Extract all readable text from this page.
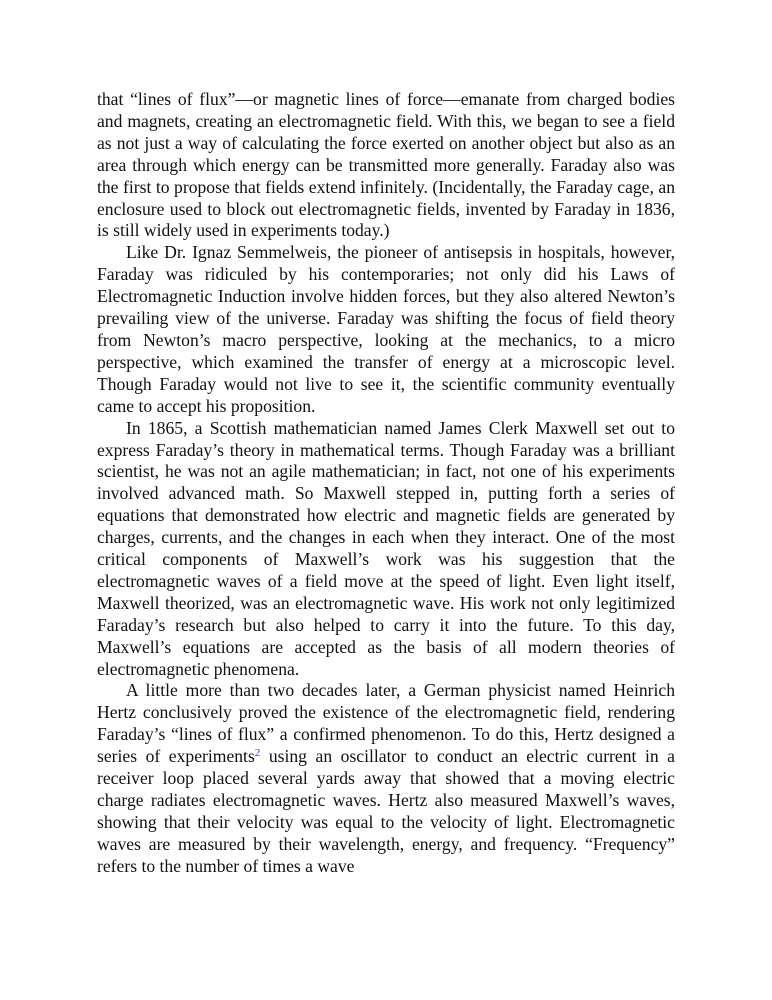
that “lines of flux”—or magnetic lines of force—emanate from charged bodies and magnets, creating an electromagnetic field. With this, we began to see a field as not just a way of calculating the force exerted on another object but also as an area through which energy can be transmitted more generally. Faraday also was the first to propose that fields extend infinitely. (Incidentally, the Faraday cage, an enclosure used to block out electromagnetic fields, invented by Faraday in 1836, is still widely used in experiments today.)

Like Dr. Ignaz Semmelweis, the pioneer of antisepsis in hospitals, however, Faraday was ridiculed by his contemporaries; not only did his Laws of Electromagnetic Induction involve hidden forces, but they also altered Newton’s prevailing view of the universe. Faraday was shifting the focus of field theory from Newton’s macro perspective, looking at the mechanics, to a micro perspective, which examined the transfer of energy at a microscopic level. Though Faraday would not live to see it, the scientific community eventually came to accept his proposition.

In 1865, a Scottish mathematician named James Clerk Maxwell set out to express Faraday’s theory in mathematical terms. Though Faraday was a brilliant scientist, he was not an agile mathematician; in fact, not one of his experiments involved advanced math. So Maxwell stepped in, putting forth a series of equations that demonstrated how electric and magnetic fields are generated by charges, currents, and the changes in each when they interact. One of the most critical components of Maxwell’s work was his suggestion that the electromagnetic waves of a field move at the speed of light. Even light itself, Maxwell theorized, was an electromagnetic wave. His work not only legitimized Faraday’s research but also helped to carry it into the future. To this day, Maxwell’s equations are accepted as the basis of all modern theories of electromagnetic phenomena.

A little more than two decades later, a German physicist named Heinrich Hertz conclusively proved the existence of the electromagnetic field, rendering Faraday’s “lines of flux” a confirmed phenomenon. To do this, Hertz designed a series of experiments$^2$ using an oscillator to conduct an electric current in a receiver loop placed several yards away that showed that a moving electric charge radiates electromagnetic waves. Hertz also measured Maxwell’s waves, showing that their velocity was equal to the velocity of light. Electromagnetic waves are measured by their wavelength, energy, and frequency. “Frequency” refers to the number of times a wave
